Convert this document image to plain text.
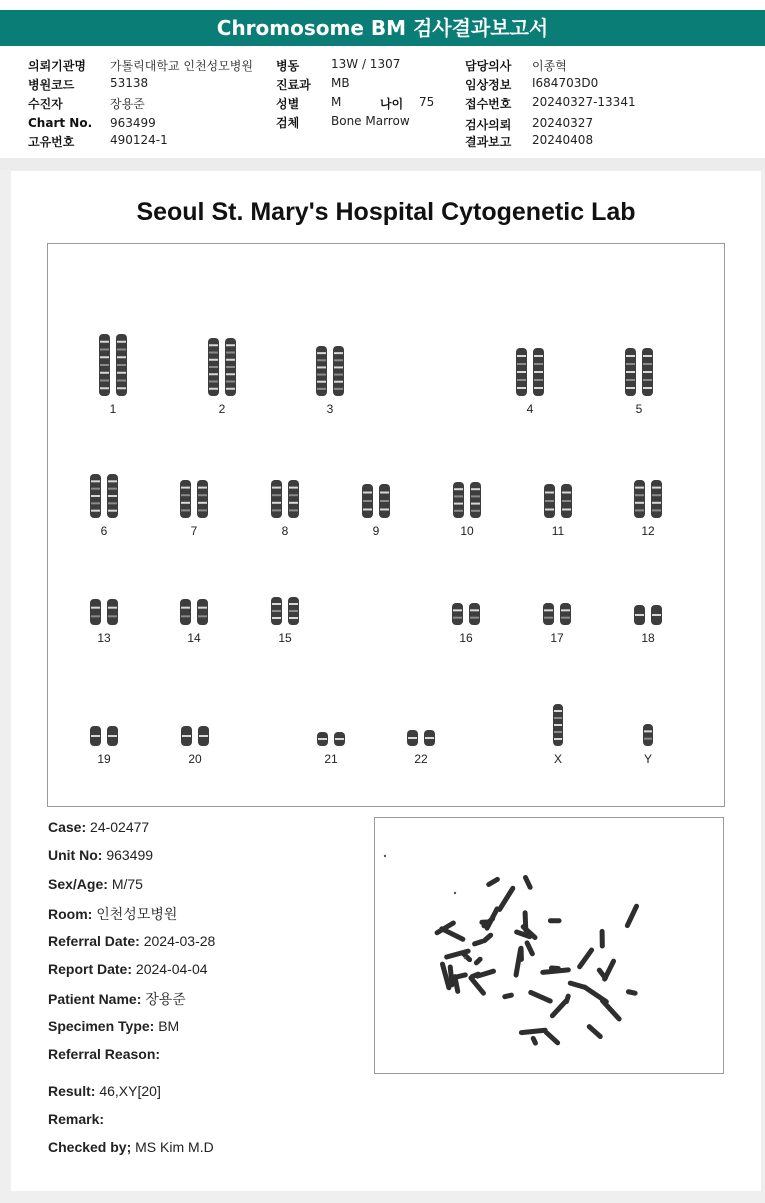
Chromosome BM 검사결과보고서
의뢰기관명 가톨릭대학교 인천성모병원
병원코드	53138
수진자	장용준
Chart No. 963499
고유번호	490124-1
병동	13W / 1307
진료과 MB
성별	M	나이 75
검체	Bone Marrow
담당의사 이종혁
임상정보 I684703D0
접수번호 20240327-13341
검사의뢰 20240327
결과보고 20240408
Seoul St. Mary's Hospital Cytogenetic Lab
1	2	3	4	5
6	7	8	9	10	11	12
13	14	15	16	17	18
19	20	21	22	X	Y
Case: 24-02477
Unit No: 963499
Sex/Age: M/75
Room: 인천성모병원
Referral Date: 2024-03-28
Report Date: 2024-04-04
Patient Name: 장용준
Specimen Type: BM
Referral Reason:
Result: 46,XY[20]
Remark:
Checked by; MS Kim M.D
